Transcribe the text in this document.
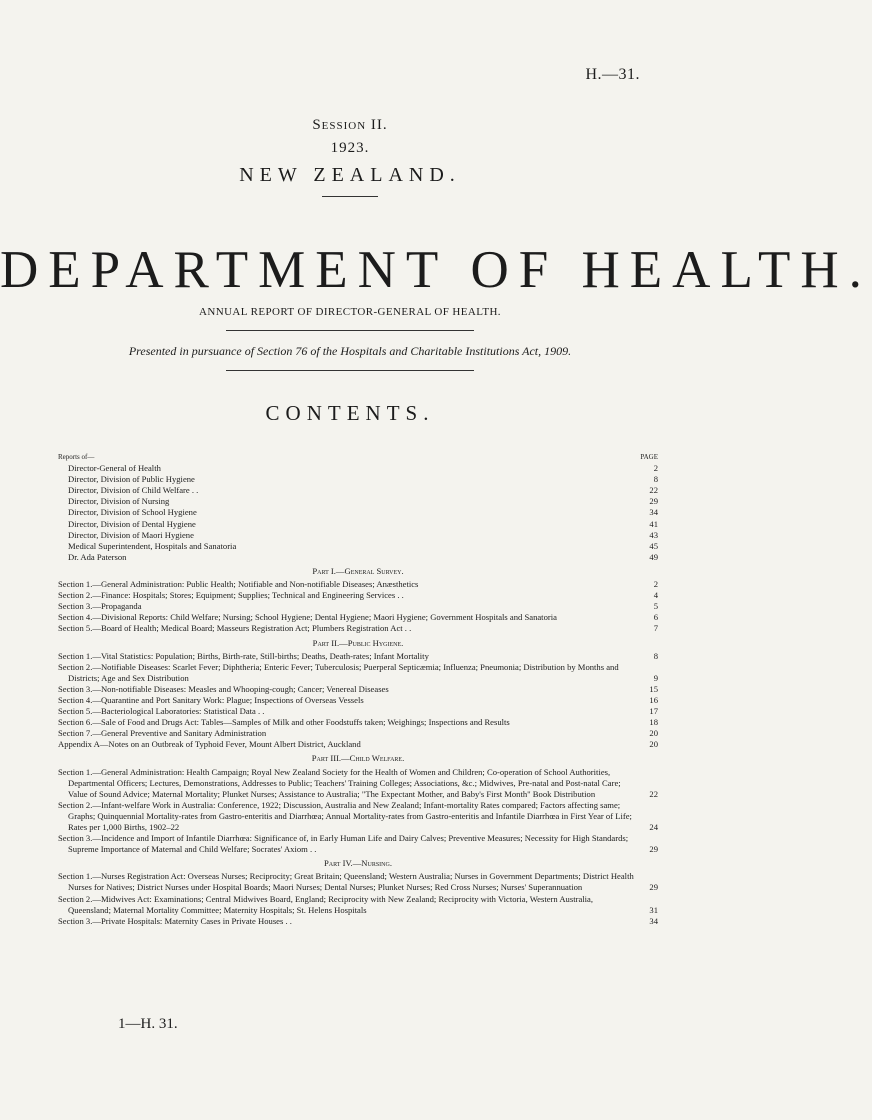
H.—31.
Session II.
1923.
NEW ZEALAND.
DEPARTMENT OF HEALTH.
ANNUAL REPORT OF DIRECTOR-GENERAL OF HEALTH.
Presented in pursuance of Section 76 of the Hospitals and Charitable Institutions Act, 1909.
CONTENTS.
Reports of—	PAGE
Director-General of Health	2
Director, Division of Public Hygiene	8
Director, Division of Child Welfare . .	22
Director, Division of Nursing	29
Director, Division of School Hygiene	34
Director, Division of Dental Hygiene	41
Director, Division of Maori Hygiene	43
Medical Superintendent, Hospitals and Sanatoria	45
Dr. Ada Paterson	49
Part I.—General Survey.
Section 1.—General Administration: Public Health; Notifiable and Non-notifiable Diseases; Anæsthetics	2
Section 2.—Finance: Hospitals; Stores; Equipment; Supplies; Technical and Engineering Services . .	4
Section 3.—Propaganda	5
Section 4.—Divisional Reports: Child Welfare; Nursing; School Hygiene; Dental Hygiene; Maori Hygiene; Government Hospitals and Sanatoria	6
Section 5.—Board of Health; Medical Board; Masseurs Registration Act; Plumbers Registration Act . .	7
Part II.—Public Hygiene.
Section 1.—Vital Statistics: Population; Births, Birth-rate, Still-births; Deaths, Death-rates; Infant Mortality	8
Section 2.—Notifiable Diseases: Scarlet Fever; Diphtheria; Enteric Fever; Tuberculosis; Puerperal Septicæmia; Influenza; Pneumonia; Distribution by Months and Districts; Age and Sex Distribution	9
Section 3.—Non-notifiable Diseases: Measles and Whooping-cough; Cancer; Venereal Diseases	15
Section 4.—Quarantine and Port Sanitary Work: Plague; Inspections of Overseas Vessels	16
Section 5.—Bacteriological Laboratories: Statistical Data . .	17
Section 6.—Sale of Food and Drugs Act: Tables—Samples of Milk and other Foodstuffs taken; Weighings; Inspections and Results	18
Section 7.—General Preventive and Sanitary Administration	20
Appendix A—Notes on an Outbreak of Typhoid Fever, Mount Albert District, Auckland	20
Part III.—Child Welfare.
Section 1.—General Administration: Health Campaign; Royal New Zealand Society for the Health of Women and Children; Co-operation of School Authorities, Departmental Officers; Lectures, Demonstrations, Addresses to Public; Teachers' Training Colleges; Associations, &c.; Midwives, Pre-natal and Post-natal Care; Value of Sound Advice; Maternal Mortality; Plunket Nurses; Assistance to Australia; "The Expectant Mother, and Baby's First Month" Book Distribution	22
Section 2.—Infant-welfare Work in Australia: Conference, 1922; Discussion, Australia and New Zealand; Infant-mortality Rates compared; Factors affecting same; Graphs; Quinquennial Mortality-rates from Gastro-enteritis and Diarrhœa; Annual Mortality-rates from Gastro-enteritis and Infantile Diarrhœa in First Year of Life; Rates per 1,000 Births, 1902–22	24
Section 3.—Incidence and Import of Infantile Diarrhœa: Significance of, in Early Human Life and Dairy Calves; Preventive Measures; Necessity for High Standards; Supreme Importance of Maternal and Child Welfare; Socrates' Axiom . .	29
Part IV.—Nursing.
Section 1.—Nurses Registration Act: Overseas Nurses; Reciprocity; Great Britain; Queensland; Western Australia; Nurses in Government Departments; District Health Nurses for Natives; District Nurses under Hospital Boards; Maori Nurses; Dental Nurses; Plunket Nurses; Red Cross Nurses; Nurses' Superannuation	29
Section 2.—Midwives Act: Examinations; Central Midwives Board, England; Reciprocity with New Zealand; Reciprocity with Victoria, Western Australia, Queensland; Maternal Mortality Committee; Maternity Hospitals; St. Helens Hospitals	31
Section 3.—Private Hospitals: Maternity Cases in Private Houses . .	34
1—H. 31.
